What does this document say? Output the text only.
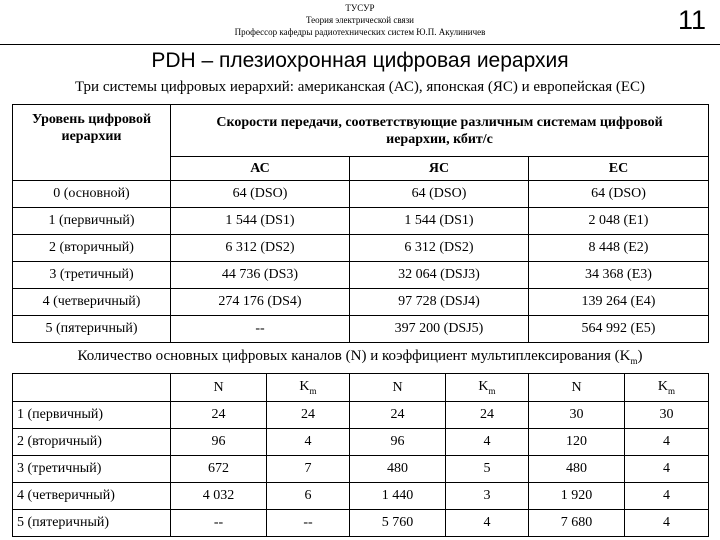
ТУСУР
Теория электрической связи
Профессор кафедры радиотехнических систем Ю.П. Акулиничев	11
PDH – плезиохронная цифровая иерархия
Три системы цифровых иерархий: американская (АС), японская (ЯС) и европейская (ЕС)
Уровень цифровой иерархии	Скорости передачи, соответствующие различным системам цифровой иерархии, кбит/с		
	АС	ЯС	ЕС
0 (основной)	64 (DSO)	64 (DSO)	64 (DSO)
1 (первичный)	1 544 (DS1)	1 544 (DS1)	2 048 (E1)
2 (вторичный)	6 312 (DS2)	6 312 (DS2)	8 448 (E2)
3 (третичный)	44 736 (DS3)	32 064 (DSJ3)	34 368 (E3)
4 (четверичный)	274 176 (DS4)	97 728 (DSJ4)	139 264 (E4)
5 (пятеричный)	--	397 200 (DSJ5)	564 992 (E5)
Количество основных цифровых каналов (N) и коэффициент мультиплексирования $(K_m)$
	N	$K_m$	N	$K_m$	N	$K_m$
1 (первичный)	24	24	24	24	30	30
2 (вторичный)	96	4	96	4	120	4
3 (третичный)	672	7	480	5	480	4
4 (четверичный)	4 032	6	1 440	3	1 920	4
5 (пятеричный)	--	--	5 760	4	7 680	4
